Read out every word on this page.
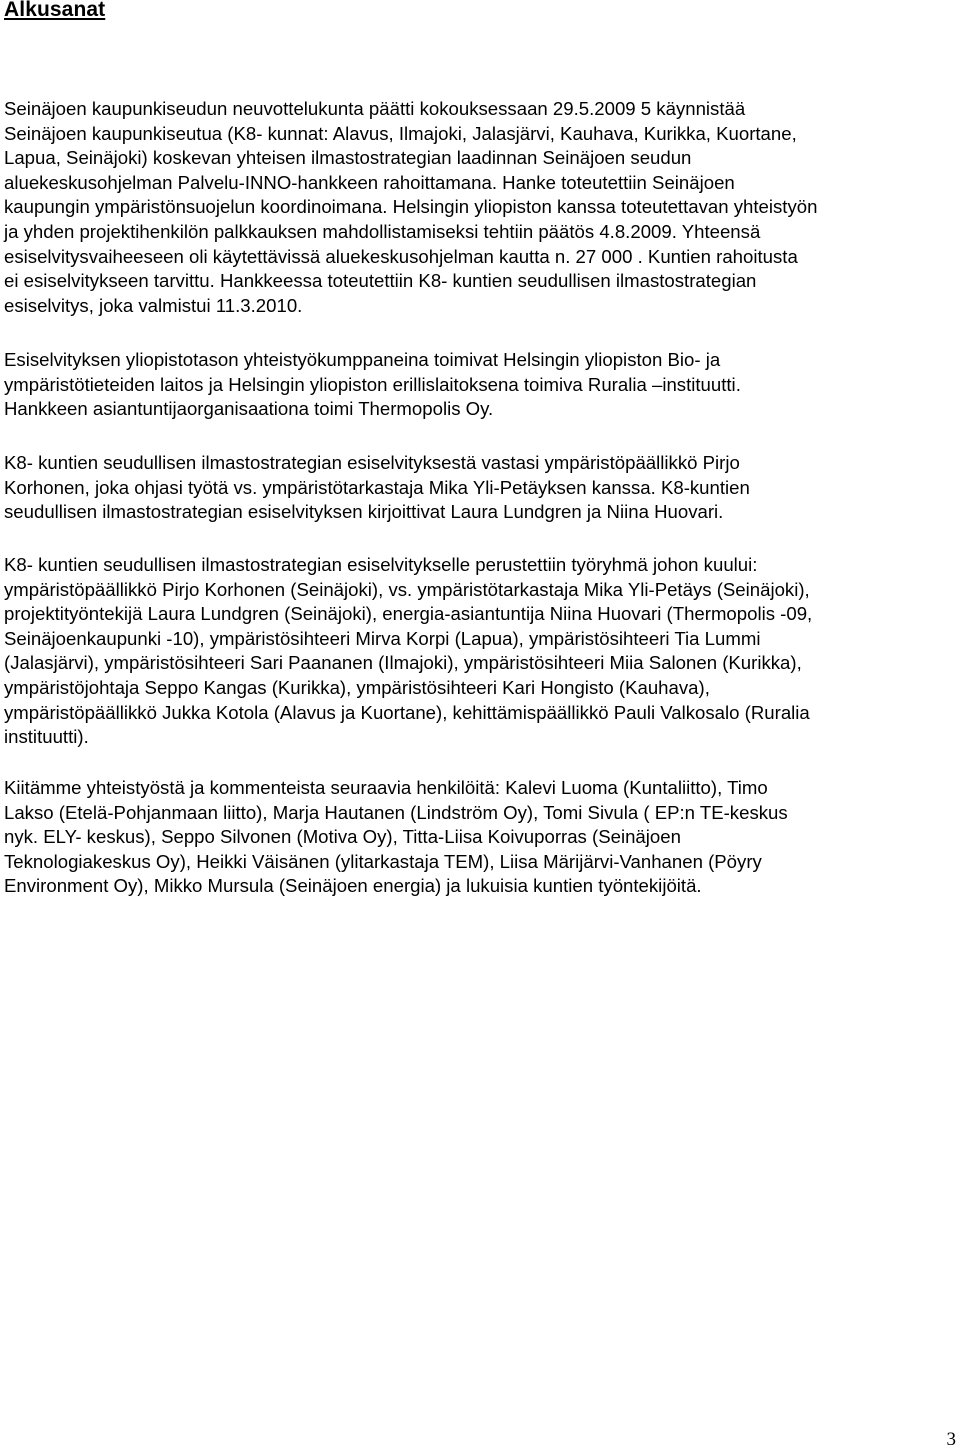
Alkusanat

Seinäjoen kaupunkiseudun neuvottelukunta päätti kokouksessaan 29.5.2009 5 käynnistää
Seinäjoen kaupunkiseutua (K8- kunnat: Alavus, Ilmajoki, Jalasjärvi, Kauhava, Kurikka, Kuortane,
Lapua, Seinäjoki) koskevan yhteisen ilmastostrategian laadinnan Seinäjoen seudun
aluekeskusohjelman Palvelu-INNO-hankkeen rahoittamana. Hanke toteutettiin Seinäjoen
kaupungin ympäristönsuojelun koordinoimana. Helsingin yliopiston kanssa toteutettavan yhteistyön
ja yhden projektihenkilön palkkauksen mahdollistamiseksi tehtiin päätös 4.8.2009. Yhteensä
esiselvitysvaiheeseen oli käytettävissä aluekeskusohjelman kautta n. 27 000 . Kuntien rahoitusta
ei esiselvitykseen tarvittu. Hankkeessa toteutettiin K8- kuntien seudullisen ilmastostrategian
esiselvitys, joka valmistui 11.3.2010.

Esiselvityksen yliopistotason yhteistyökumppaneina toimivat Helsingin yliopiston Bio- ja
ympäristötieteiden laitos ja Helsingin yliopiston erillislaitoksena toimiva Ruralia –instituutti.
Hankkeen asiantuntijaorganisaationa toimi Thermopolis Oy.

K8- kuntien seudullisen ilmastostrategian esiselvityksestä vastasi ympäristöpäällikkö Pirjo
Korhonen, joka ohjasi työtä vs. ympäristötarkastaja Mika Yli-Petäyksen kanssa. K8-kuntien
seudullisen ilmastostrategian esiselvityksen kirjoittivat Laura Lundgren ja Niina Huovari.

K8- kuntien seudullisen ilmastostrategian esiselvitykselle perustettiin työryhmä johon kuului:
ympäristöpäällikkö Pirjo Korhonen (Seinäjoki), vs. ympäristötarkastaja Mika Yli-Petäys (Seinäjoki),
projektityöntekijä Laura Lundgren (Seinäjoki), energia-asiantuntija Niina Huovari (Thermopolis -09,
Seinäjoenkaupunki -10), ympäristösihteeri Mirva Korpi (Lapua), ympäristösihteeri Tia Lummi
(Jalasjärvi), ympäristösihteeri Sari Paananen (Ilmajoki), ympäristösihteeri Miia Salonen (Kurikka),
ympäristöjohtaja Seppo Kangas (Kurikka), ympäristösihteeri Kari Hongisto (Kauhava),
ympäristöpäällikkö Jukka Kotola (Alavus ja Kuortane), kehittämispäällikkö Pauli Valkosalo (Ruralia
instituutti).

Kiitämme yhteistyöstä ja kommenteista seuraavia henkilöitä: Kalevi Luoma (Kuntaliitto), Timo
Lakso (Etelä-Pohjanmaan liitto), Marja Hautanen (Lindström Oy), Tomi Sivula ( EP:n TE-keskus
nyk. ELY- keskus), Seppo Silvonen (Motiva Oy), Titta-Liisa Koivuporras (Seinäjoen
Teknologiakeskus Oy), Heikki Väisänen (ylitarkastaja TEM), Liisa Märijärvi-Vanhanen (Pöyry
Environment Oy), Mikko Mursula (Seinäjoen energia) ja lukuisia kuntien työntekijöitä.

3
